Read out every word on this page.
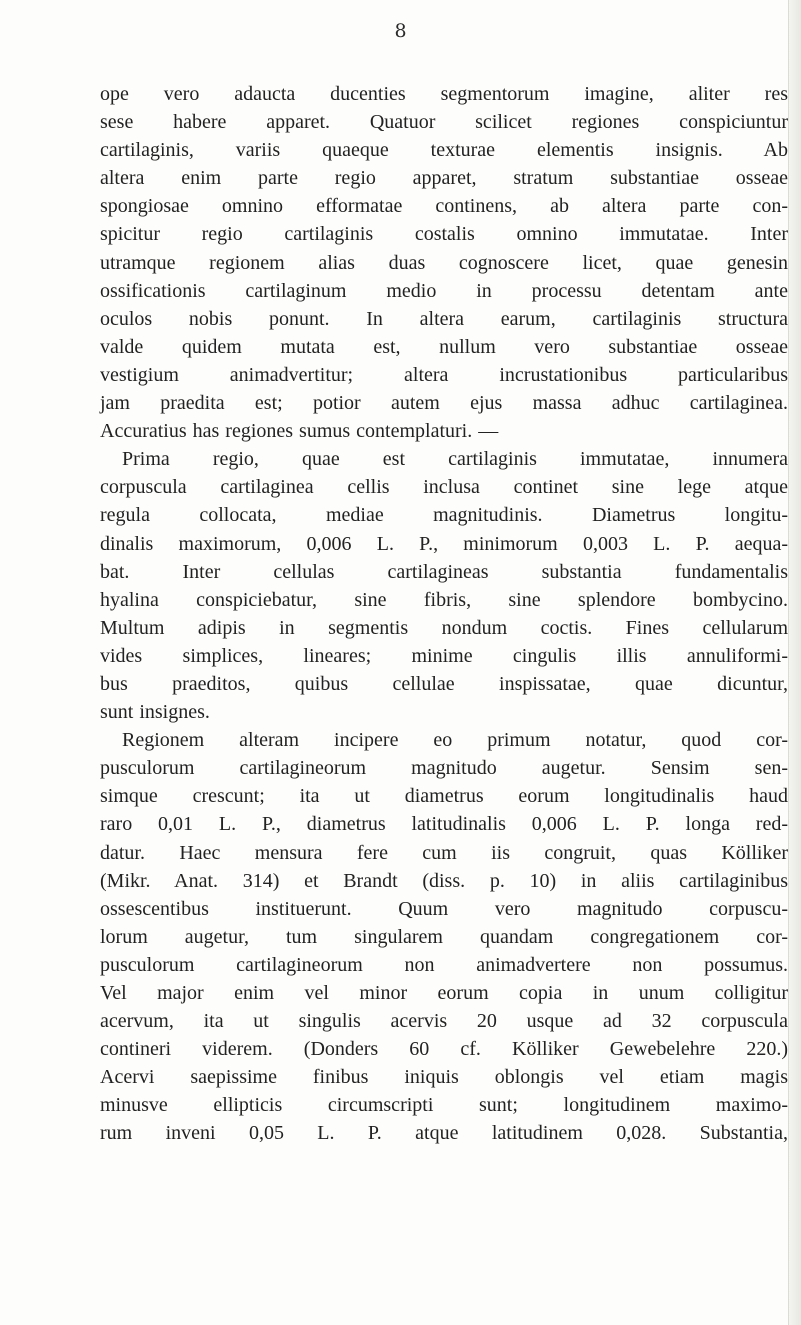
8
ope vero adaucta ducenties segmentorum imagine, aliter res
sese habere apparet. Quatuor scilicet regiones conspiciuntur
cartilaginis, variis quaeque texturae elementis insignis. Ab
altera enim parte regio apparet, stratum substantiae osseae
spongiosae omnino efformatae continens, ab altera parte con-
spicitur regio cartilaginis costalis omnino immutatae. Inter
utramque regionem alias duas cognoscere licet, quae genesin
ossificationis cartilaginum medio in processu detentam ante
oculos nobis ponunt. In altera earum, cartilaginis structura
valde quidem mutata est, nullum vero substantiae osseae
vestigium animadvertitur; altera incrustationibus particularibus
jam praedita est; potior autem ejus massa adhuc cartilaginea.
Accuratius has regiones sumus contemplaturi. —
Prima regio, quae est cartilaginis immutatae, innumera
corpuscula cartilaginea cellis inclusa continet sine lege atque
regula collocata, mediae magnitudinis. Diametrus longitu-
dinalis maximorum, 0,006 L. P., minimorum 0,003 L. P. aequa-
bat. Inter cellulas cartilagineas substantia fundamentalis
hyalina conspiciebatur, sine fibris, sine splendore bombycino.
Multum adipis in segmentis nondum coctis. Fines cellularum
vides simplices, lineares; minime cingulis illis annuliformi-
bus praeditos, quibus cellulae inspissatae, quae dicuntur,
sunt insignes.
Regionem alteram incipere eo primum notatur, quod cor-
pusculorum cartilagineorum magnitudo augetur. Sensim sen-
simque crescunt; ita ut diametrus eorum longitudinalis haud
raro 0,01 L. P., diametrus latitudinalis 0,006 L. P. longa red-
datur. Haec mensura fere cum iis congruit, quas Kölliker
(Mikr. Anat. 314) et Brandt (diss. p. 10) in aliis cartilaginibus
ossescentibus instituerunt. Quum vero magnitudo corpuscu-
lorum augetur, tum singularem quandam congregationem cor-
pusculorum cartilagineorum non animadvertere non possumus.
Vel major enim vel minor eorum copia in unum colligitur
acervum, ita ut singulis acervis 20 usque ad 32 corpuscula
contineri viderem. (Donders 60 cf. Kölliker Gewebelehre 220.)
Acervi saepissime finibus iniquis oblongis vel etiam magis
minusve ellipticis circumscripti sunt; longitudinem maximo-
rum inveni 0,05 L. P. atque latitudinem 0,028. Substantia,
